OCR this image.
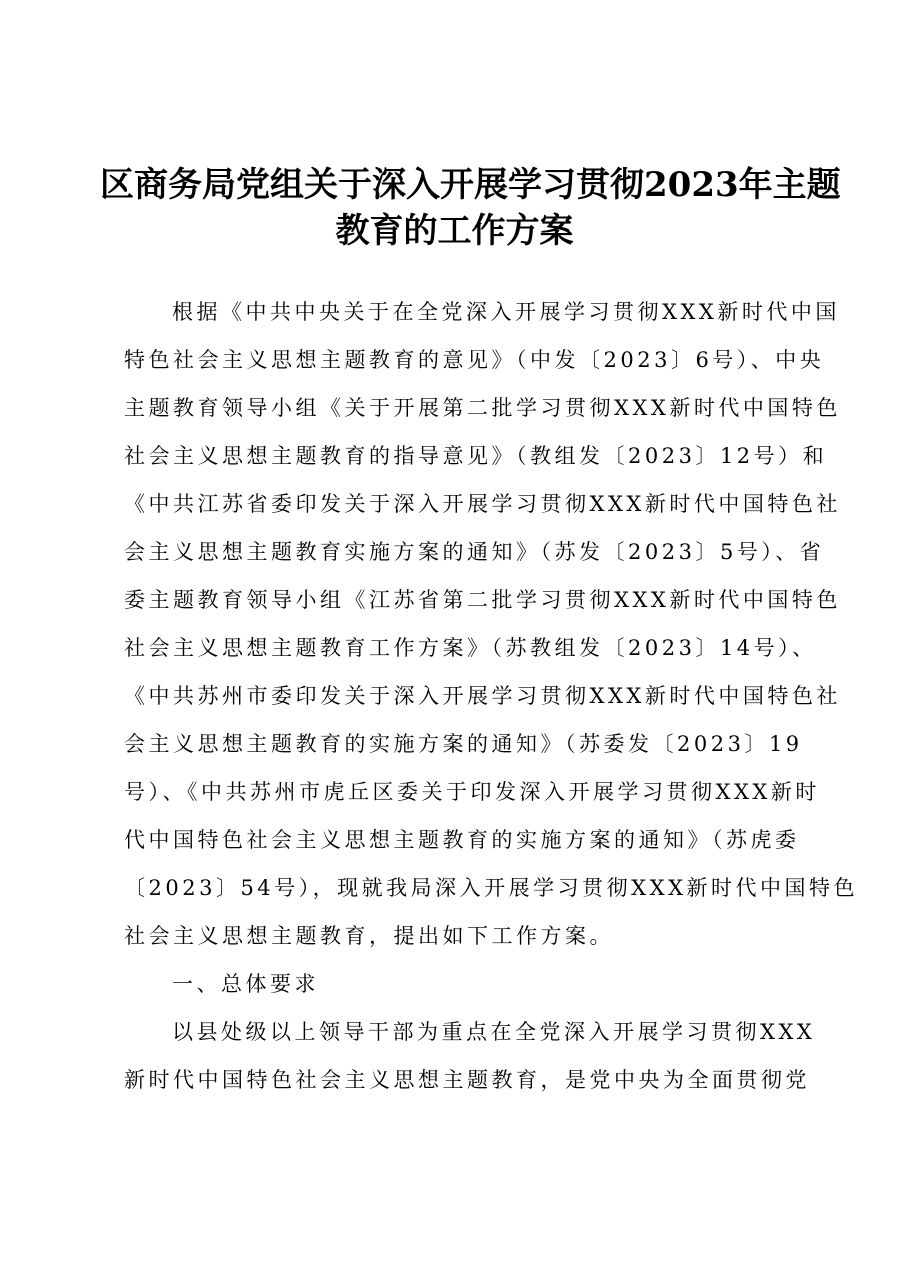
区商务局党组关于深入开展学习贯彻2023年主题
教育的工作方案
根据《中共中央关于在全党深入开展学习贯彻XXX新时代中国
特色社会主义思想主题教育的意见》（中发〔2023〕6号）、中央
主题教育领导小组《关于开展第二批学习贯彻XXX新时代中国特色
社会主义思想主题教育的指导意见》（教组发〔2023〕12号）和
《中共江苏省委印发关于深入开展学习贯彻XXX新时代中国特色社
会主义思想主题教育实施方案的通知》（苏发〔2023〕5号）、省
委主题教育领导小组《江苏省第二批学习贯彻XXX新时代中国特色
社会主义思想主题教育工作方案》（苏教组发〔2023〕14号）、
《中共苏州市委印发关于深入开展学习贯彻XXX新时代中国特色社
会主义思想主题教育的实施方案的通知》（苏委发〔2023〕19
号）、《中共苏州市虎丘区委关于印发深入开展学习贯彻XXX新时
代中国特色社会主义思想主题教育的实施方案的通知》（苏虎委
〔2023〕54号），现就我局深入开展学习贯彻XXX新时代中国特色
社会主义思想主题教育，提出如下工作方案。
一、总体要求
以县处级以上领导干部为重点在全党深入开展学习贯彻XXX
新时代中国特色社会主义思想主题教育，是党中央为全面贯彻党
